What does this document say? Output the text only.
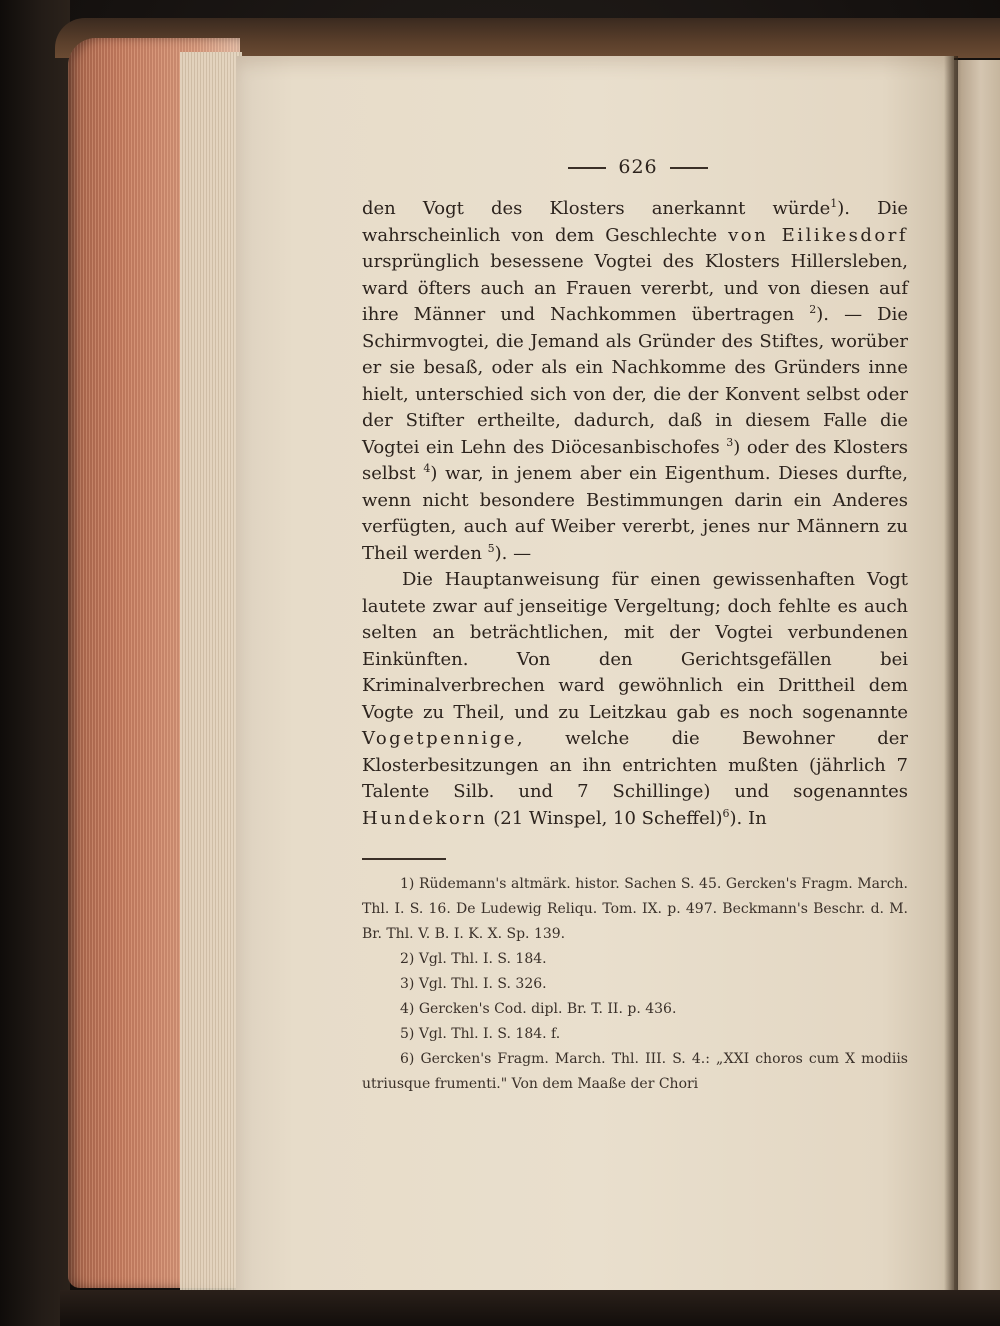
626

den Vogt des Klosters anerkannt würde$^1$). Die wahrscheinlich von dem Geschlechte von Eilikesdorf ursprünglich besessene Vogtei des Klosters Hillersleben, ward öfters auch an Frauen vererbt, und von diesen auf ihre Männer und Nachkommen übertragen $^2$). — Die Schirmvogtei, die Jemand als Gründer des Stiftes, worüber er sie besaß, oder als ein Nachkomme des Gründers inne hielt, unterschied sich von der, die der Konvent selbst oder der Stifter ertheilte, dadurch, daß in diesem Falle die Vogtei ein Lehn des Diöcesanbischofes $^3$) oder des Klosters selbst $^4$) war, in jenem aber ein Eigenthum. Dieses durfte, wenn nicht besondere Bestimmungen darin ein Anderes verfügten, auch auf Weiber vererbt, jenes nur Männern zu Theil werden $^5$). —

Die Hauptanweisung für einen gewissenhaften Vogt lautete zwar auf jenseitige Vergeltung; doch fehlte es auch selten an beträchtlichen, mit der Vogtei verbundenen Einkünften. Von den Gerichtsgefällen bei Kriminalverbrechen ward gewöhnlich ein Drittheil dem Vogte zu Theil, und zu Leitzkau gab es noch sogenannte Vogetpennige, welche die Bewohner der Klosterbesitzungen an ihn entrichten mußten (jährlich 7 Talente Silb. und 7 Schillinge) und sogenanntes Hundekorn (21 Winspel, 10 Scheffel)$^6$). In

1) Rüdemann's altmärk. histor. Sachen S. 45. Gercken's Fragm. March. Thl. I. S. 16. De Ludewig Reliqu. Tom. IX. p. 497. Beckmann's Beschr. d. M. Br. Thl. V. B. I. K. X. Sp. 139.
2) Vgl. Thl. I. S. 184.
3) Vgl. Thl. I. S. 326.
4) Gercken's Cod. dipl. Br. T. II. p. 436.
5) Vgl. Thl. I. S. 184. f.
6) Gercken's Fragm. March. Thl. III. S. 4.: „XXI choros cum X modiis utriusque frumenti." Von dem Maaße der Chori
